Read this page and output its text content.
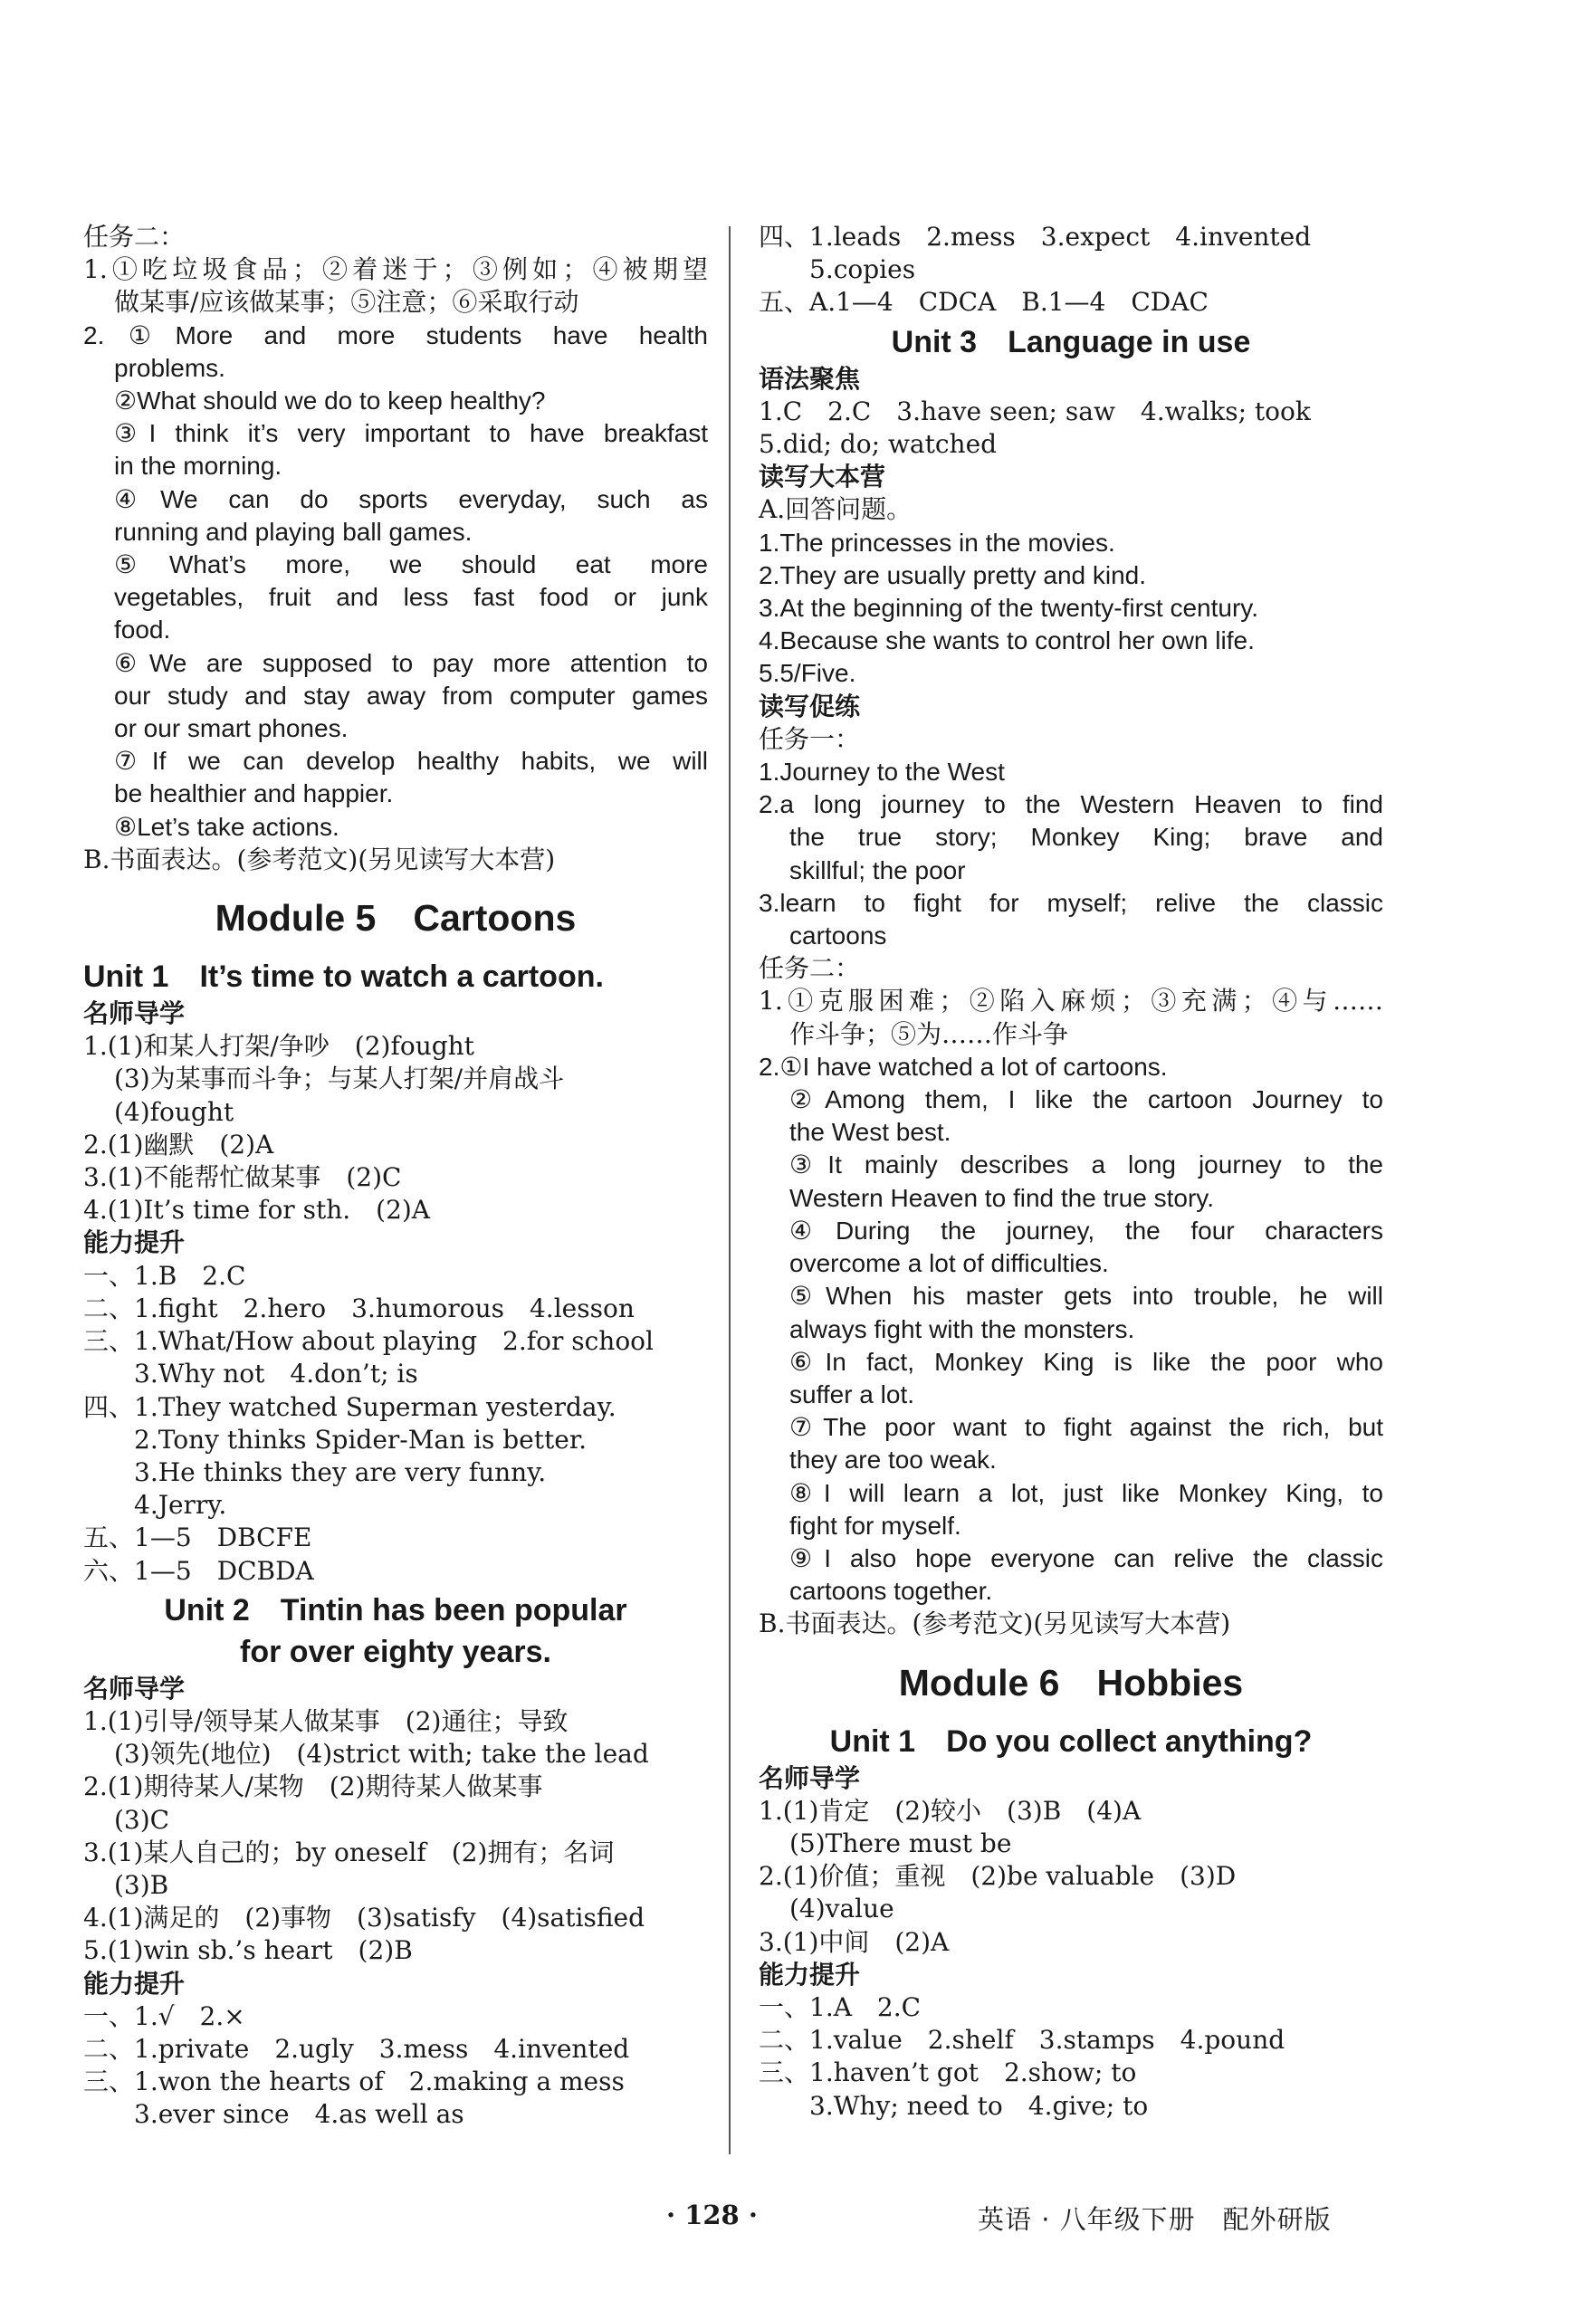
任务二：
1.①吃垃圾食品；②着迷于；③例如；④被期望
做某事/应该做某事；⑤注意；⑥采取行动
2.①More and more students have health
problems.
②What should we do to keep healthy?
③I think it’s very important to have breakfast
in the morning.
④We can do sports everyday, such as
running and playing ball games.
⑤What’s more, we should eat more
vegetables, fruit and less fast food or junk
food.
⑥We are supposed to pay more attention to
our study and stay away from computer games
or our smart phones.
⑦If we can develop healthy habits, we will
be healthier and happier.
⑧Let’s take actions.
B.书面表达。(参考范文)(另见读写大本营)
Module 5　Cartoons
Unit 1　It’s time to watch a cartoon.
名师导学
1.(1)和某人打架/争吵　(2)fought
(3)为某事而斗争；与某人打架/并肩战斗
(4)fought
2.(1)幽默　(2)A
3.(1)不能帮忙做某事　(2)C
4.(1)It’s time for sth.　(2)A
能力提升
一、1.B　2.C
二、1.fight　2.hero　3.humorous　4.lesson
三、1.What/How about playing　2.for school
3.Why not　4.don’t; is
四、1.They watched Superman yesterday.
2.Tony thinks Spider-Man is better.
3.He thinks they are very funny.
4.Jerry.
五、1—5　DBCFE
六、1—5　DCBDA
Unit 2　Tintin has been popular
for over eighty years.
名师导学
1.(1)引导/领导某人做某事　(2)通往；导致
(3)领先(地位)　(4)strict with; take the lead
2.(1)期待某人/某物　(2)期待某人做某事
(3)C
3.(1)某人自己的；by oneself　(2)拥有；名词
(3)B
4.(1)满足的　(2)事物　(3)satisfy　(4)satisfied
5.(1)win sb.’s heart　(2)B
能力提升
一、1.√　2.×
二、1.private　2.ugly　3.mess　4.invented
三、1.won the hearts of　2.making a mess
3.ever since　4.as well as
四、1.leads　2.mess　3.expect　4.invented
5.copies
五、A.1—4　CDCA　B.1—4　CDAC
Unit 3　Language in use
语法聚焦
1.C　2.C　3.have seen; saw　4.walks; took
5.did; do; watched
读写大本营
A.回答问题。
1.The princesses in the movies.
2.They are usually pretty and kind.
3.At the beginning of the twenty-first century.
4.Because she wants to control her own life.
5.5/Five.
读写促练
任务一：
1.Journey to the West
2.a long journey to the Western Heaven to find
the true story; Monkey King; brave and
skillful; the poor
3.learn to fight for myself; relive the classic
cartoons
任务二：
1.①克服困难；②陷入麻烦；③充满；④与……
作斗争；⑤为……作斗争
2.①I have watched a lot of cartoons.
②Among them, I like the cartoon Journey to
the West best.
③It mainly describes a long journey to the
Western Heaven to find the true story.
④During the journey, the four characters
overcome a lot of difficulties.
⑤When his master gets into trouble, he will
always fight with the monsters.
⑥In fact, Monkey King is like the poor who
suffer a lot.
⑦The poor want to fight against the rich, but
they are too weak.
⑧I will learn a lot, just like Monkey King, to
fight for myself.
⑨I also hope everyone can relive the classic
cartoons together.
B.书面表达。(参考范文)(另见读写大本营)
Module 6　Hobbies
Unit 1　Do you collect anything?
名师导学
1.(1)肯定　(2)较小　(3)B　(4)A
(5)There must be
2.(1)价值；重视　(2)be valuable　(3)D
(4)value
3.(1)中间　(2)A
能力提升
一、1.A　2.C
二、1.value　2.shelf　3.stamps　4.pound
三、1.haven’t got　2.show; to
3.Why; need to　4.give; to
· 128 ·	英语 · 八年级下册　配外研版
